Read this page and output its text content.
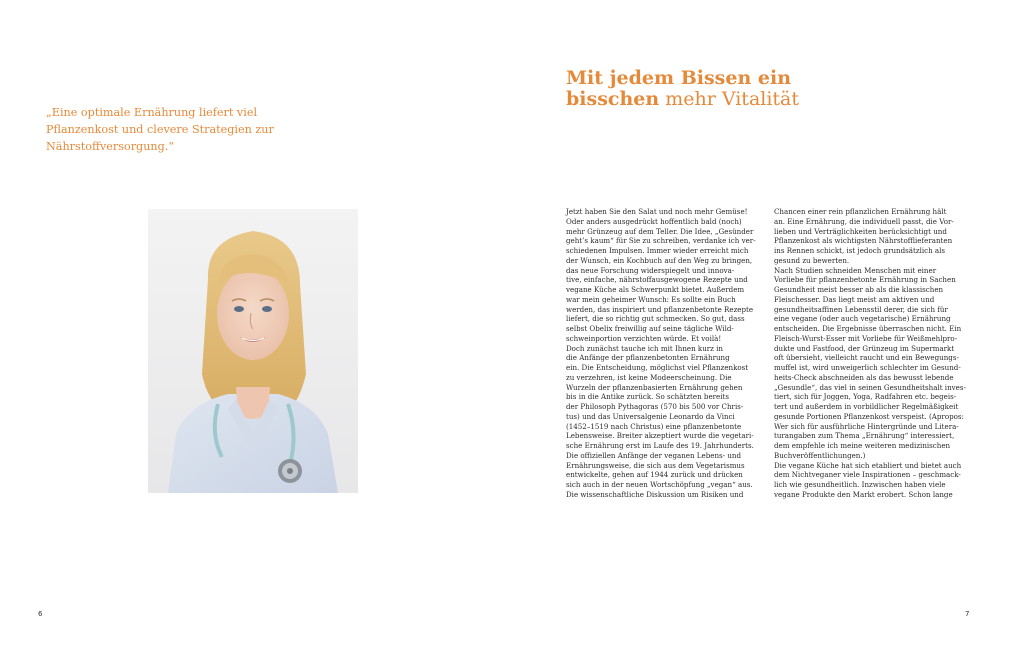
„Eine optimale Ernährung liefert viel
Pflanzenkost und clevere Strategien zur
Nährstoffversorgung.“
Mit jedem Bissen ein
bisschen mehr Vitalität
Jetzt haben Sie den Salat und noch mehr Gemüse!
Oder anders ausgedrückt hoffentlich bald (noch)
mehr Grünzeug auf dem Teller. Die Idee, „Gesünder
geht’s kaum“ für Sie zu schreiben, verdanke ich ver-
schiedenen Impulsen. Immer wieder erreicht mich
der Wunsch, ein Kochbuch auf den Weg zu bringen,
das neue Forschung widerspiegelt und innova-
tive, einfache, nährstoffausgewogene Rezepte und
vegane Küche als Schwerpunkt bietet. Außerdem
war mein geheimer Wunsch: Es sollte ein Buch
werden, das inspiriert und pflanzenbetonte Rezepte
liefert, die so richtig gut schmecken. So gut, dass
selbst Obelix freiwillig auf seine tägliche Wild-
schweinportion verzichten würde. Et voilà!
Doch zunächst tauche ich mit Ihnen kurz in
die Anfänge der pflanzenbetonten Ernährung
ein. Die Entscheidung, möglichst viel Pflanzenkost
zu verzehren, ist keine Modeerscheinung. Die
Wurzeln der pflanzenbasierten Ernährung gehen
bis in die Antike zurück. So schätzten bereits
der Philosoph Pythagoras (570 bis 500 vor Chris-
tus) und das Universalgenie Leonardo da Vinci
(1452–1519 nach Christus) eine pflanzenbetonte
Lebensweise. Breiter akzeptiert wurde die vegetari-
sche Ernährung erst im Laufe des 19. Jahrhunderts.
Die offiziellen Anfänge der veganen Lebens- und
Ernährungsweise, die sich aus dem Vegetarismus
entwickelte, gehen auf 1944 zurück und drücken
sich auch in der neuen Wortschöpfung „vegan“ aus.
Die wissenschaftliche Diskussion um Risiken und
Chancen einer rein pflanzlichen Ernährung hält
an. Eine Ernährung, die individuell passt, die Vor-
lieben und Verträglichkeiten berücksichtigt und
Pflanzenkost als wichtigsten Nährstofflieferanten
ins Rennen schickt, ist jedoch grundsätzlich als
gesund zu bewerten.
Nach Studien schneiden Menschen mit einer
Vorliebe für pflanzenbetonte Ernährung in Sachen
Gesundheit meist besser ab als die klassischen
Fleischesser. Das liegt meist am aktiven und
gesundheitsaffinen Lebensstil derer, die sich für
eine vegane (oder auch vegetarische) Ernährung
entscheiden. Die Ergebnisse überraschen nicht. Ein
Fleisch-Wurst-Esser mit Vorliebe für Weißmehlpro-
dukte und Fastfood, der Grünzeug im Supermarkt
oft übersieht, vielleicht raucht und ein Bewegungs-
muffel ist, wird unweigerlich schlechter im Gesund-
heits-Check abschneiden als das bewusst lebende
„Gesundle“, das viel in seinen Gesundheitshalt inves-
tiert, sich für Joggen, Yoga, Radfahren etc. begeis-
tert und außerdem in vorbildlicher Regelmäßigkeit
gesunde Portionen Pflanzenkost verspeist. (Apropos:
Wer sich für ausführliche Hintergründe und Litera-
turangaben zum Thema „Ernährung“ interessiert,
dem empfehle ich meine weiteren medizinischen
Buchveröffentlichungen.)
Die vegane Küche hat sich etabliert und bietet auch
dem Nichtveganer viele Inspirationen – geschmack-
lich wie gesundheitlich. Inzwischen haben viele
vegane Produkte den Markt erobert. Schon lange
6	7
